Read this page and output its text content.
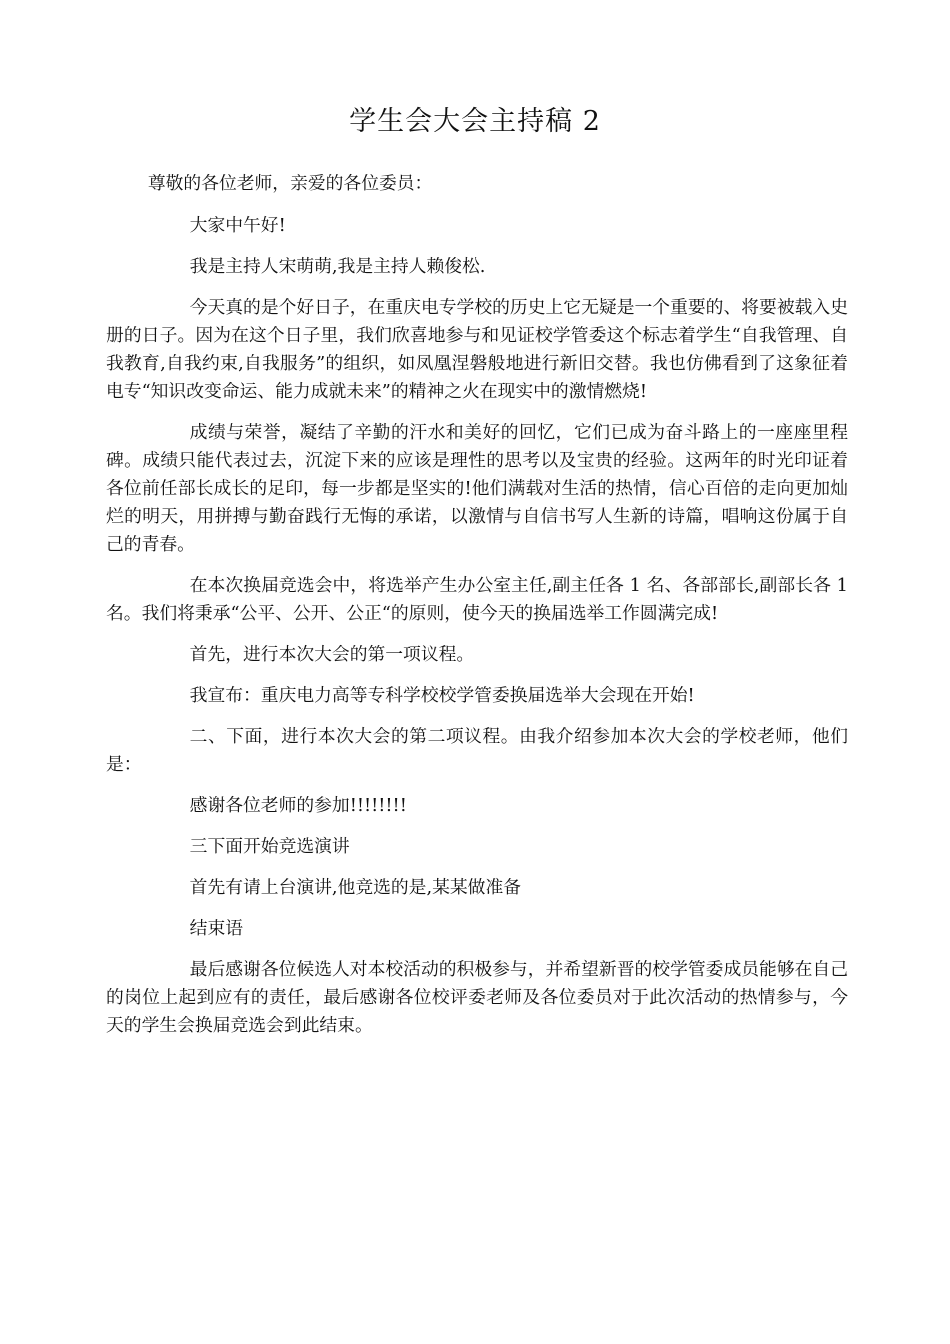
学生会大会主持稿 2

尊敬的各位老师，亲爱的各位委员：

大家中午好!

我是主持人宋萌萌,我是主持人赖俊松.

今天真的是个好日子，在重庆电专学校的历史上它无疑是一个重要的、将要被载入史册的日子。因为在这个日子里，我们欣喜地参与和见证校学管委这个标志着学生“自我管理、自我教育,自我约束,自我服务”的组织，如凤凰涅磐般地进行新旧交替。我也仿佛看到了这象征着电专“知识改变命运、能力成就未来”的精神之火在现实中的激情燃烧!

成绩与荣誉，凝结了辛勤的汗水和美好的回忆，它们已成为奋斗路上的一座座里程碑。成绩只能代表过去，沉淀下来的应该是理性的思考以及宝贵的经验。这两年的时光印证着各位前任部长成长的足印，每一步都是坚实的!他们满载对生活的热情，信心百倍的走向更加灿烂的明天，用拼搏与勤奋践行无悔的承诺，以激情与自信书写人生新的诗篇，唱响这份属于自己的青春。

在本次换届竞选会中，将选举产生办公室主任,副主任各 1 名、各部部长,副部长各 1 名。我们将秉承“公平、公开、公正“的原则，使今天的换届选举工作圆满完成!

首先，进行本次大会的第一项议程。

我宣布：重庆电力高等专科学校校学管委换届选举大会现在开始!

二、下面，进行本次大会的第二项议程。由我介绍参加本次大会的学校老师，他们是：

感谢各位老师的参加!!!!!!!!

三下面开始竞选演讲

首先有请上台演讲,他竞选的是,某某做准备

结束语

最后感谢各位候选人对本校活动的积极参与，并希望新晋的校学管委成员能够在自己的岗位上起到应有的责任，最后感谢各位校评委老师及各位委员对于此次活动的热情参与，今天的学生会换届竞选会到此结束。
